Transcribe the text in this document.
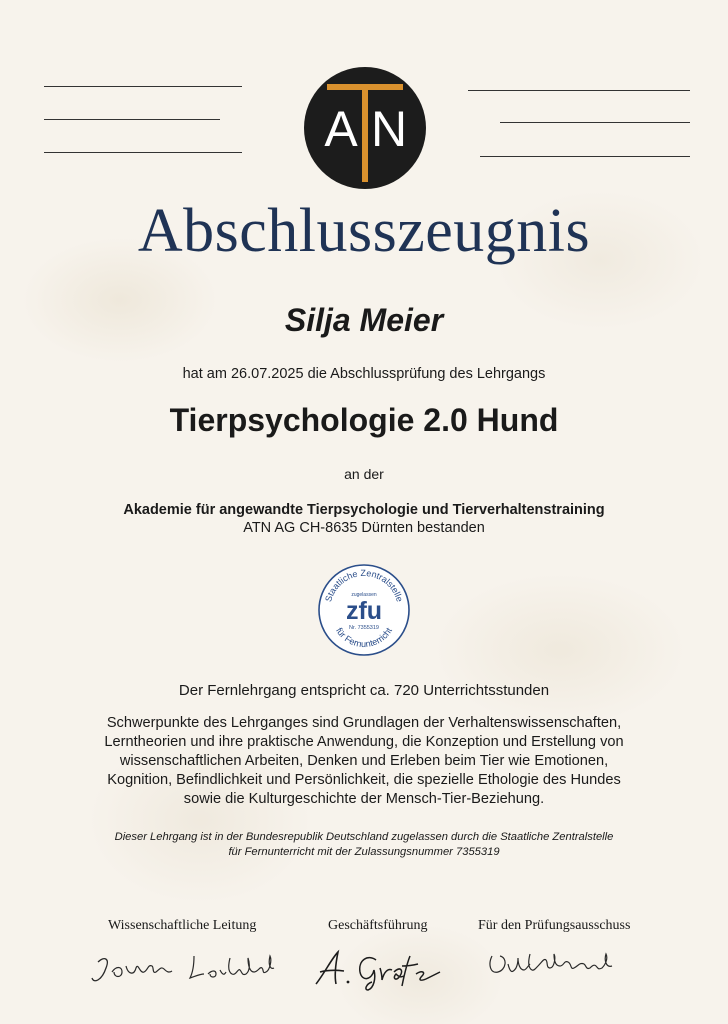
A N
Abschlusszeugnis
Silja Meier
hat am 26.07.2025 die Abschlussprüfung des Lehrgangs
Tierpsychologie 2.0 Hund
an der
Akademie für angewandte Tierpsychologie und Tierverhaltenstraining
ATN AG CH-8635 Dürnten bestanden
Staatliche Zentralstelle
zugelassen
zfu
Nr. 7355319
für Fernunterricht
Der Fernlehrgang entspricht ca. 720 Unterrichtsstunden
Schwerpunkte des Lehrganges sind Grundlagen der Verhaltenswissenschaften,
Lerntheorien und ihre praktische Anwendung, die Konzeption und Erstellung von
wissenschaftlichen Arbeiten, Denken und Erleben beim Tier wie Emotionen,
Kognition, Befindlichkeit und Persönlichkeit, die spezielle Ethologie des Hundes
sowie die Kulturgeschichte der Mensch-Tier-Beziehung.
Dieser Lehrgang ist in der Bundesrepublik Deutschland zugelassen durch die Staatliche Zentralstelle
für Fernunterricht mit der Zulassungsnummer 7355319
Wissenschaftliche Leitung	Geschäftsführung	Für den Prüfungsausschuss
